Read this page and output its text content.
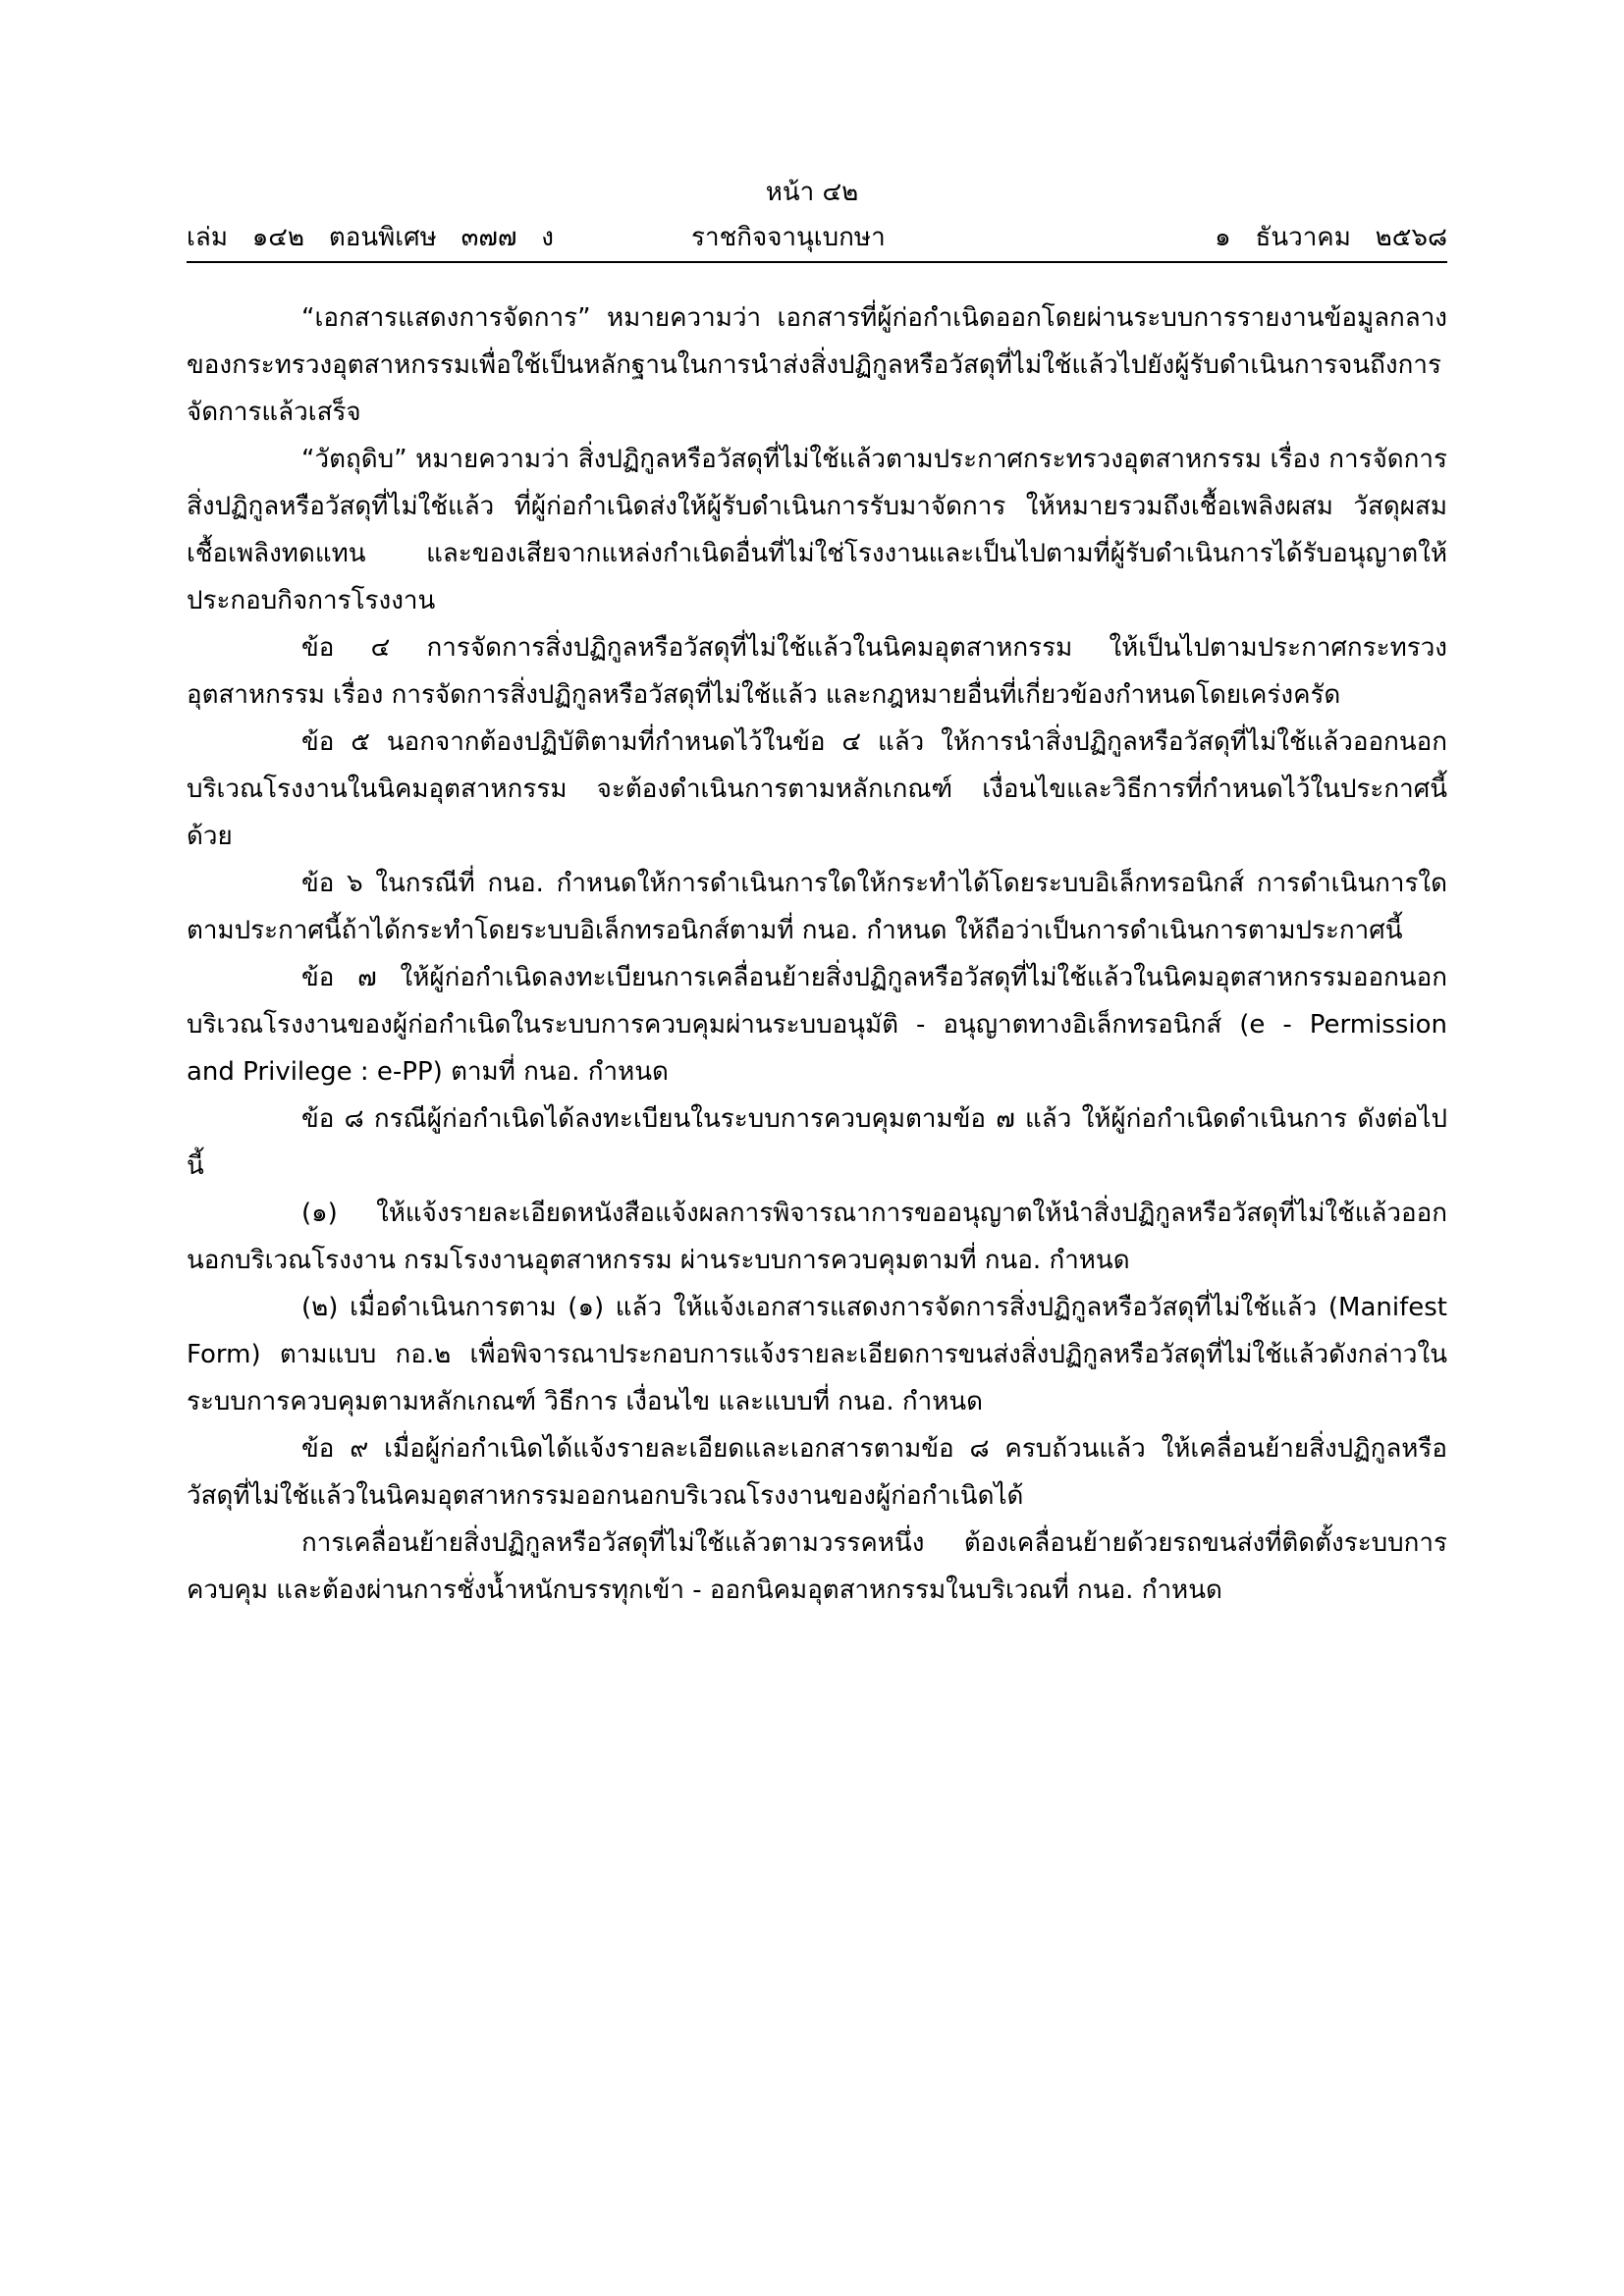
หน้า ๔๒
เล่ม   ๑๔๒   ตอนพิเศษ   ๓๗๗   ง	ราชกิจจานุเบกษา	๑   ธันวาคม   ๒๕๖๘

“เอกสารแสดงการจัดการ” หมายความว่า เอกสารที่ผู้ก่อกำเนิดออกโดยผ่านระบบการรายงานข้อมูลกลางของกระทรวงอุตสาหกรรมเพื่อใช้เป็นหลักฐานในการนำส่งสิ่งปฏิกูลหรือวัสดุที่ไม่ใช้แล้วไปยังผู้รับดำเนินการจนถึงการจัดการแล้วเสร็จ

“วัตถุดิบ” หมายความว่า สิ่งปฏิกูลหรือวัสดุที่ไม่ใช้แล้วตามประกาศกระทรวงอุตสาหกรรม เรื่อง การจัดการสิ่งปฏิกูลหรือวัสดุที่ไม่ใช้แล้ว ที่ผู้ก่อกำเนิดส่งให้ผู้รับดำเนินการรับมาจัดการ ให้หมายรวมถึงเชื้อเพลิงผสม วัสดุผสม เชื้อเพลิงทดแทน และของเสียจากแหล่งกำเนิดอื่นที่ไม่ใช่โรงงานและเป็นไปตามที่ผู้รับดำเนินการได้รับอนุญาตให้ประกอบกิจการโรงงาน

ข้อ ๔ การจัดการสิ่งปฏิกูลหรือวัสดุที่ไม่ใช้แล้วในนิคมอุตสาหกรรม ให้เป็นไปตามประกาศกระทรวงอุตสาหกรรม เรื่อง การจัดการสิ่งปฏิกูลหรือวัสดุที่ไม่ใช้แล้ว และกฎหมายอื่นที่เกี่ยวข้องกำหนดโดยเคร่งครัด

ข้อ ๕ นอกจากต้องปฏิบัติตามที่กำหนดไว้ในข้อ ๔ แล้ว ให้การนำสิ่งปฏิกูลหรือวัสดุที่ไม่ใช้แล้วออกนอกบริเวณโรงงานในนิคมอุตสาหกรรม จะต้องดำเนินการตามหลักเกณฑ์ เงื่อนไขและวิธีการที่กำหนดไว้ในประกาศนี้ด้วย

ข้อ ๖ ในกรณีที่ กนอ. กำหนดให้การดำเนินการใดให้กระทำได้โดยระบบอิเล็กทรอนิกส์ การดำเนินการใดตามประกาศนี้ถ้าได้กระทำโดยระบบอิเล็กทรอนิกส์ตามที่ กนอ. กำหนด ให้ถือว่าเป็นการดำเนินการตามประกาศนี้

ข้อ ๗ ให้ผู้ก่อกำเนิดลงทะเบียนการเคลื่อนย้ายสิ่งปฏิกูลหรือวัสดุที่ไม่ใช้แล้วในนิคมอุตสาหกรรมออกนอกบริเวณโรงงานของผู้ก่อกำเนิดในระบบการควบคุมผ่านระบบอนุมัติ - อนุญาตทางอิเล็กทรอนิกส์ (e - Permission and Privilege : e-PP) ตามที่ กนอ. กำหนด

ข้อ ๘ กรณีผู้ก่อกำเนิดได้ลงทะเบียนในระบบการควบคุมตามข้อ ๗ แล้ว ให้ผู้ก่อกำเนิดดำเนินการ ดังต่อไปนี้

(๑) ให้แจ้งรายละเอียดหนังสือแจ้งผลการพิจารณาการขออนุญาตให้นำสิ่งปฏิกูลหรือวัสดุที่ไม่ใช้แล้วออกนอกบริเวณโรงงาน กรมโรงงานอุตสาหกรรม ผ่านระบบการควบคุมตามที่ กนอ. กำหนด

(๒) เมื่อดำเนินการตาม (๑) แล้ว ให้แจ้งเอกสารแสดงการจัดการสิ่งปฏิกูลหรือวัสดุที่ไม่ใช้แล้ว (Manifest Form) ตามแบบ กอ.๒ เพื่อพิจารณาประกอบการแจ้งรายละเอียดการขนส่งสิ่งปฏิกูลหรือวัสดุที่ไม่ใช้แล้วดังกล่าวในระบบการควบคุมตามหลักเกณฑ์ วิธีการ เงื่อนไข และแบบที่ กนอ. กำหนด

ข้อ ๙ เมื่อผู้ก่อกำเนิดได้แจ้งรายละเอียดและเอกสารตามข้อ ๘ ครบถ้วนแล้ว ให้เคลื่อนย้ายสิ่งปฏิกูลหรือวัสดุที่ไม่ใช้แล้วในนิคมอุตสาหกรรมออกนอกบริเวณโรงงานของผู้ก่อกำเนิดได้

การเคลื่อนย้ายสิ่งปฏิกูลหรือวัสดุที่ไม่ใช้แล้วตามวรรคหนึ่ง ต้องเคลื่อนย้ายด้วยรถขนส่งที่ติดตั้งระบบการควบคุม และต้องผ่านการชั่งน้ำหนักบรรทุกเข้า - ออกนิคมอุตสาหกรรมในบริเวณที่ กนอ. กำหนด
